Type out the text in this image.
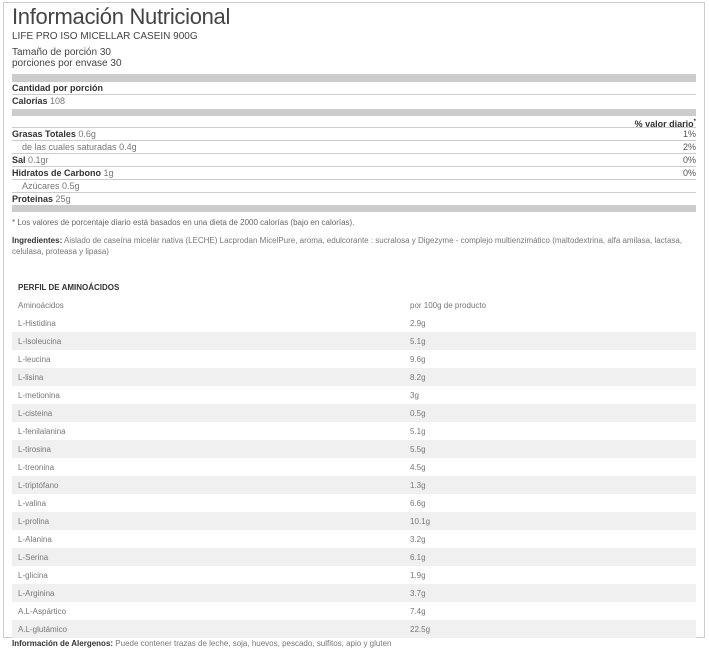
Información Nutricional
LIFE PRO ISO MICELLAR CASEIN 900G
Tamaño de porción 30
porciones por envase 30
Cantidad por porción
Calorias 108
% valor diario*
Grasas Totales 0.6g	1%
de las cuales saturadas 0.4g	2%
Sal 0.1gr	0%
Hidratos de Carbono 1g	0%
Azúcares 0.5g
Proteinas 25g
* Los valores de porcentaje diario está basados en una dieta de 2000 calorías (bajo en calorías).
Ingredientes: Aislado de caseína micelar nativa (LECHE) Lacprodan MicelPure, aroma, edulcorante : sucralosa y Digezyme - complejo multienzimático (maltodextrina, alfa amilasa, lactasa, celulasa, proteasa y lipasa)
PERFIL DE AMINOÁCIDOS
Aminoácidos	por 100g de producto
L-Histidina	2.9g
L-Isoleucina	5.1g
L-leucina	9.6g
L-lisina	8.2g
L-metionina	3g
L-cisteina	0.5g
L-fenilalanina	5.1g
L-tirosina	5.5g
L-treonina	4.5g
L-triptófano	1.3g
L-valina	6.6g
L-prolina	10.1g
L-Alanina	3.2g
L-Serina	6.1g
L-glicina	1.9g
L-Arginina	3.7g
A.L-Aspártico	7.4g
A.L-glutámico	22.5g
Información de Alergenos: Puede contener trazas de leche, soja, huevos, pescado, sulfitos, apio y gluten
